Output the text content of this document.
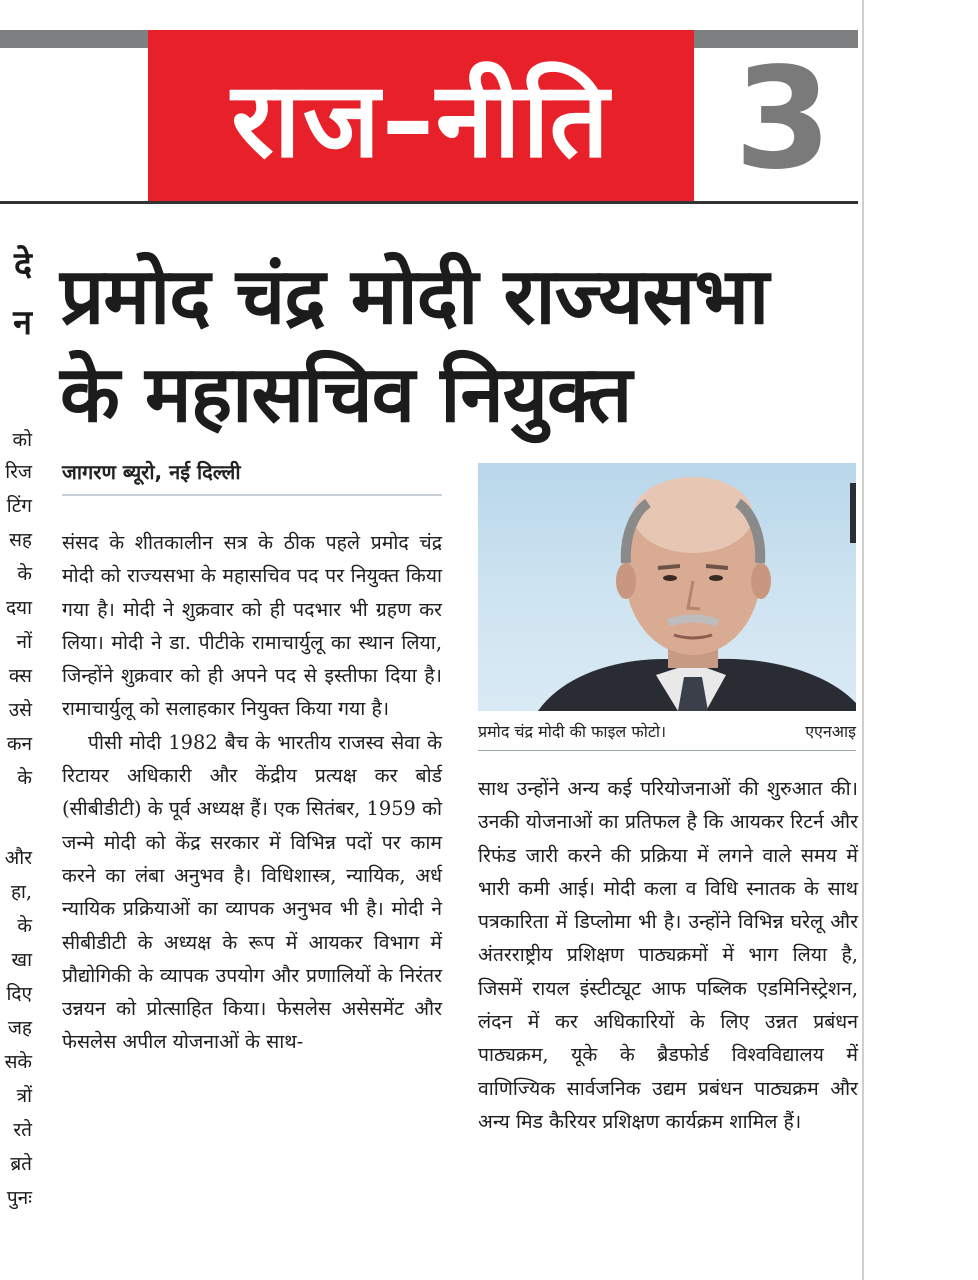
राज–नीति 3
दे
न
को
रिज
टिंग
सह
के
दया
नों
क्स
उसे
कन
के
और
हा,
के
खा
दिए
जह
सके
त्रों
रते
ब्रते
पुनः
प्रमोद चंद्र मोदी राज्यसभा
के महासचिव नियुक्त
जागरण ब्यूरो, नई दिल्ली

संसद के शीतकालीन सत्र के ठीक पहले प्रमोद चंद्र मोदी को राज्यसभा के महासचिव पद पर नियुक्त किया गया है। मोदी ने शुक्रवार को ही पदभार भी ग्रहण कर लिया। मोदी ने डा. पीटीके रामाचार्युलू का स्थान लिया, जिन्होंने शुक्रवार को ही अपने पद से इस्तीफा दिया है। रामाचार्युलू को सलाहकार नियुक्त किया गया है।

पीसी मोदी 1982 बैच के भारतीय राजस्व सेवा के रिटायर अधिकारी और केंद्रीय प्रत्यक्ष कर बोर्ड (सीबीडीटी) के पूर्व अध्यक्ष हैं। एक सितंबर, 1959 को जन्मे मोदी को केंद्र सरकार में विभिन्न पदों पर काम करने का लंबा अनुभव है। विधिशास्त्र, न्यायिक, अर्ध न्यायिक प्रक्रियाओं का व्यापक अनुभव भी है। मोदी ने सीबीडीटी के अध्यक्ष के रूप में आयकर विभाग में प्रौद्योगिकी के व्यापक उपयोग और प्रणालियों के निरंतर उन्नयन को प्रोत्साहित किया। फेसलेस असेसमेंट और फेसलेस अपील योजनाओं के साथ-

प्रमोद चंद्र मोदी की फाइल फोटो।	एएनआइ

साथ उन्होंने अन्य कई परियोजनाओं की शुरुआत की। उनकी योजनाओं का प्रतिफल है कि आयकर रिटर्न और रिफंड जारी करने की प्रक्रिया में लगने वाले समय में भारी कमी आई। मोदी कला व विधि स्नातक के साथ पत्रकारिता में डिप्लोमा भी है। उन्होंने विभिन्न घरेलू और अंतरराष्ट्रीय प्रशिक्षण पाठ्यक्रमों में भाग लिया है, जिसमें रायल इंस्टीट्यूट आफ पब्लिक एडमिनिस्ट्रेशन, लंदन में कर अधिकारियों के लिए उन्नत प्रबंधन पाठ्यक्रम, यूके के ब्रैडफोर्ड विश्वविद्यालय में वाणिज्यिक सार्वजनिक उद्यम प्रबंधन पाठ्यक्रम और अन्य मिड कैरियर प्रशिक्षण कार्यक्रम शामिल हैं।
